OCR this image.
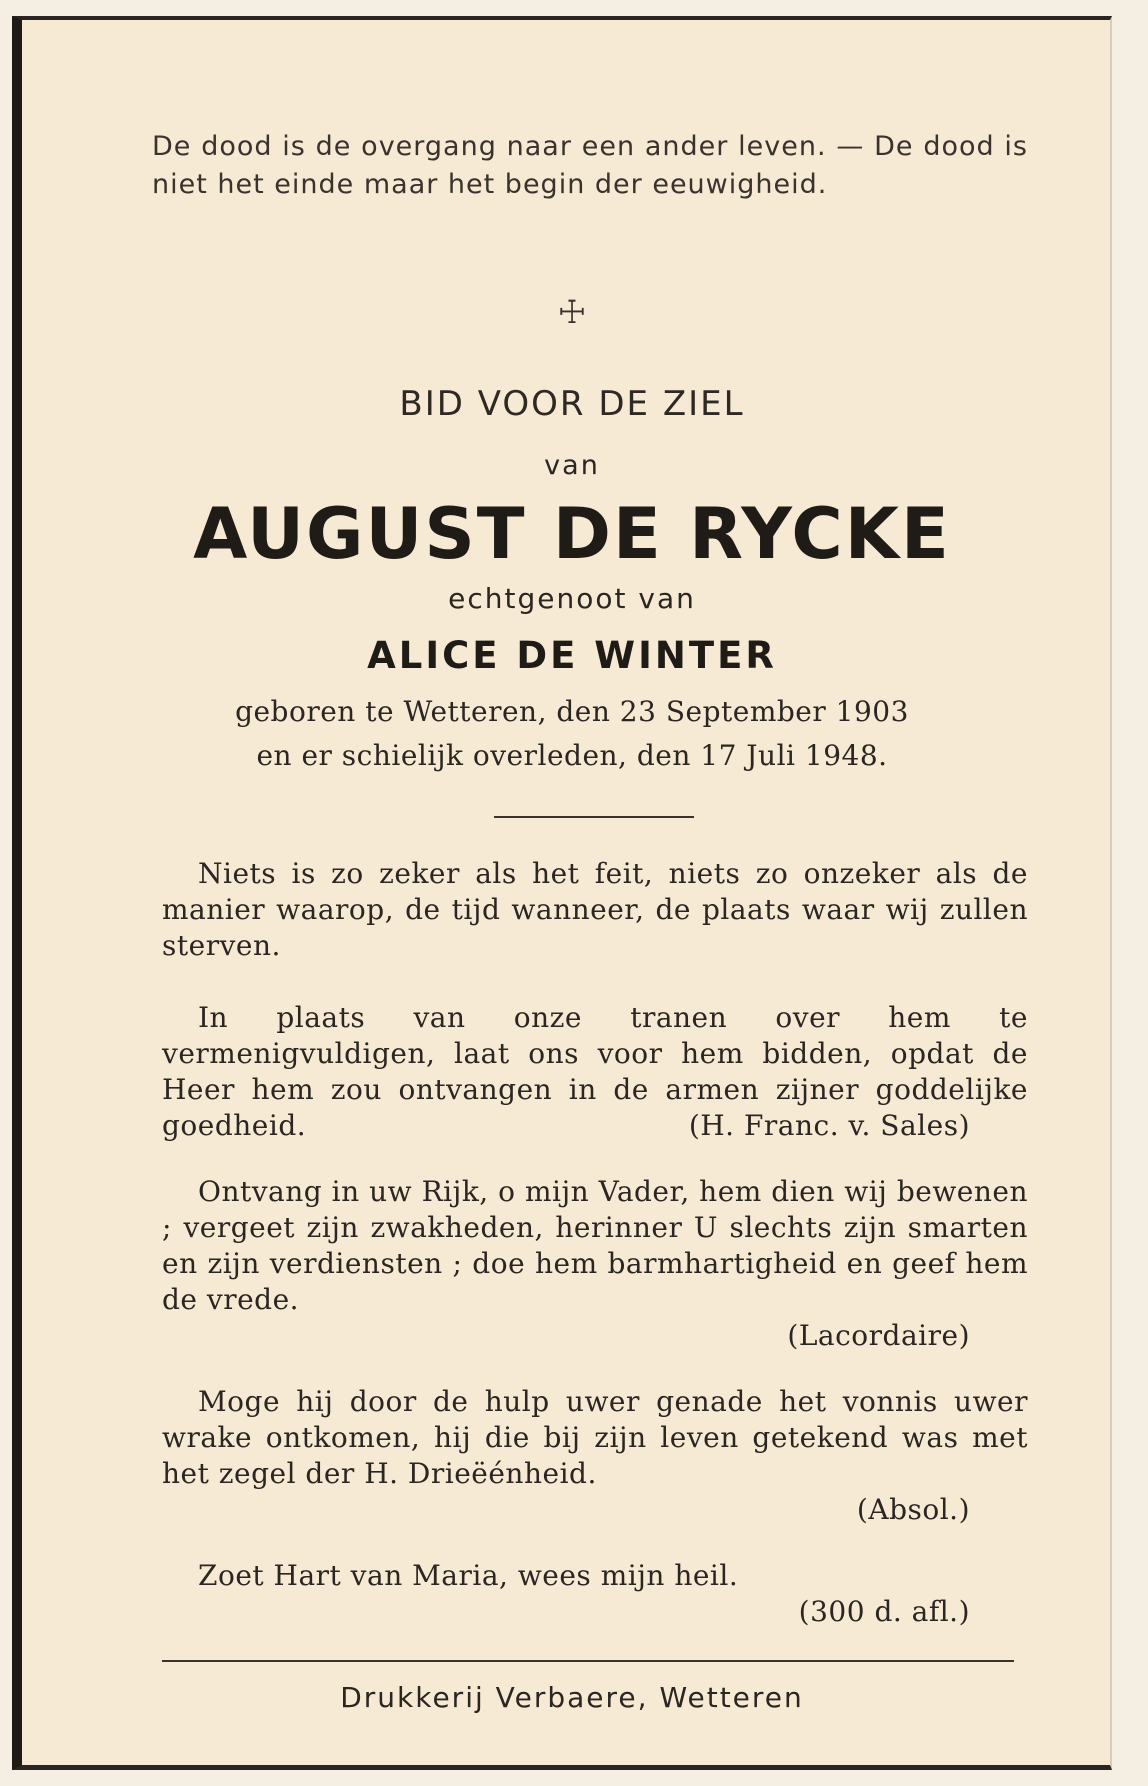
De dood is de overgang naar een ander leven. — De dood is niet het einde maar het begin der eeuwigheid.
☩
BID VOOR DE ZIEL
van
AUGUST DE RYCKE
echtgenoot van
ALICE DE WINTER
geboren te Wetteren, den 23 September 1903
en er schielijk overleden, den 17 Juli 1948.
Niets is zo zeker als het feit, niets zo onzeker als de manier waarop, de tijd wanneer, de plaats waar wij zullen sterven.
In plaats van onze tranen over hem te vermenigvuldigen, laat ons voor hem bidden, opdat de Heer hem zou ontvangen in de armen zijner goddelijke goedheid.	(H. Franc. v. Sales)
Ontvang in uw Rijk, o mijn Vader, hem dien wij bewenen ; vergeet zijn zwakheden, herinner U slechts zijn smarten en zijn verdiensten ; doe hem barmhartigheid en geef hem de vrede.
(Lacordaire)
Moge hij door de hulp uwer genade het vonnis uwer wrake ontkomen, hij die bij zijn leven getekend was met het zegel der H. Drieëénheid.
(Absol.)
Zoet Hart van Maria, wees mijn heil.
(300 d. afl.)
Drukkerij Verbaere, Wetteren
